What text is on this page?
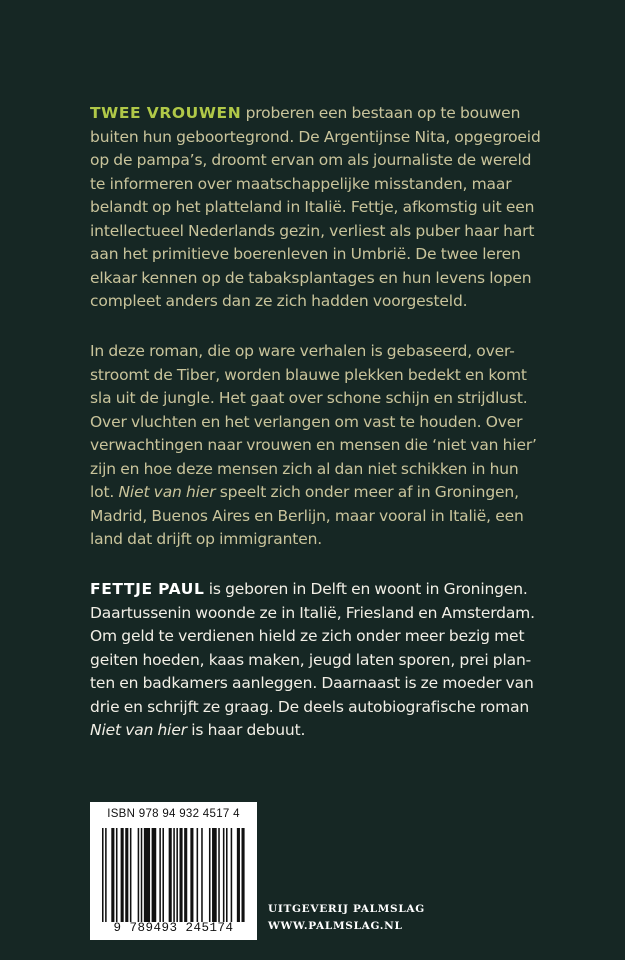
TWEE VROUWEN proberen een bestaan op te bouwen
buiten hun geboortegrond. De Argentijnse Nita, opgegroeid
op de pampa’s, droomt ervan om als journaliste de wereld
te informeren over maatschappelijke misstanden, maar
belandt op het platteland in Italië. Fettje, afkomstig uit een
intellectueel Nederlands gezin, verliest als puber haar hart
aan het primitieve boerenleven in Umbrië. De twee leren
elkaar kennen op de tabaksplantages en hun levens lopen
compleet anders dan ze zich hadden voorgesteld.
In deze roman, die op ware verhalen is gebaseerd, over-
stroomt de Tiber, worden blauwe plekken bedekt en komt
sla uit de jungle. Het gaat over schone schijn en strijdlust.
Over vluchten en het verlangen om vast te houden. Over
verwachtingen naar vrouwen en mensen die ‘niet van hier’
zijn en hoe deze mensen zich al dan niet schikken in hun
lot. Niet van hier speelt zich onder meer af in Groningen,
Madrid, Buenos Aires en Berlijn, maar vooral in Italië, een
land dat drijft op immigranten.
FETTJE PAUL is geboren in Delft en woont in Groningen.
Daartussenin woonde ze in Italië, Friesland en Amsterdam.
Om geld te verdienen hield ze zich onder meer bezig met
geiten hoeden, kaas maken, jeugd laten sporen, prei plan-
ten en badkamers aanleggen. Daarnaast is ze moeder van
drie en schrijft ze graag. De deels autobiografische roman
Niet van hier is haar debuut.
ISBN 978 94 932 4517 4
9 789493 245174
UITGEVERIJ PALMSLAG
WWW.PALMSLAG.NL
